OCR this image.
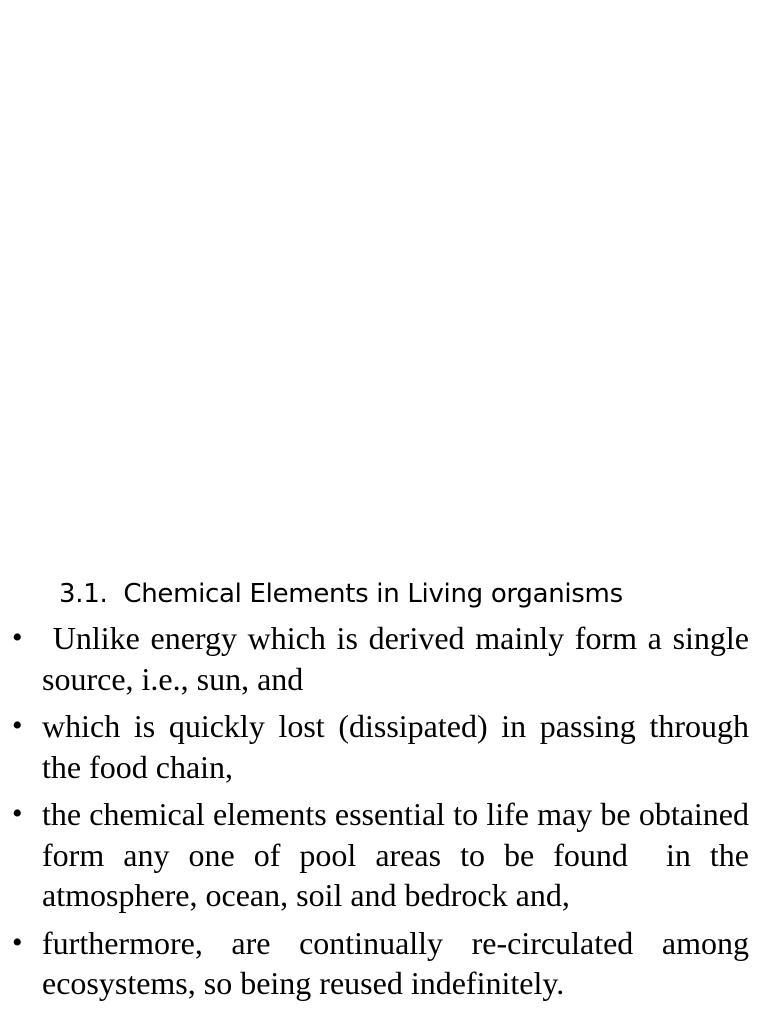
3.1.  Chemical Elements in Living organisms
• Unlike energy which is derived mainly form a single source, i.e., sun, and
• which is quickly lost (dissipated) in passing through the food chain,
• the chemical elements essential to life may be obtained form any one of pool areas to be found  in the atmosphere, ocean, soil and bedrock and,
• furthermore, are continually re-circulated among ecosystems, so being reused indefinitely.
